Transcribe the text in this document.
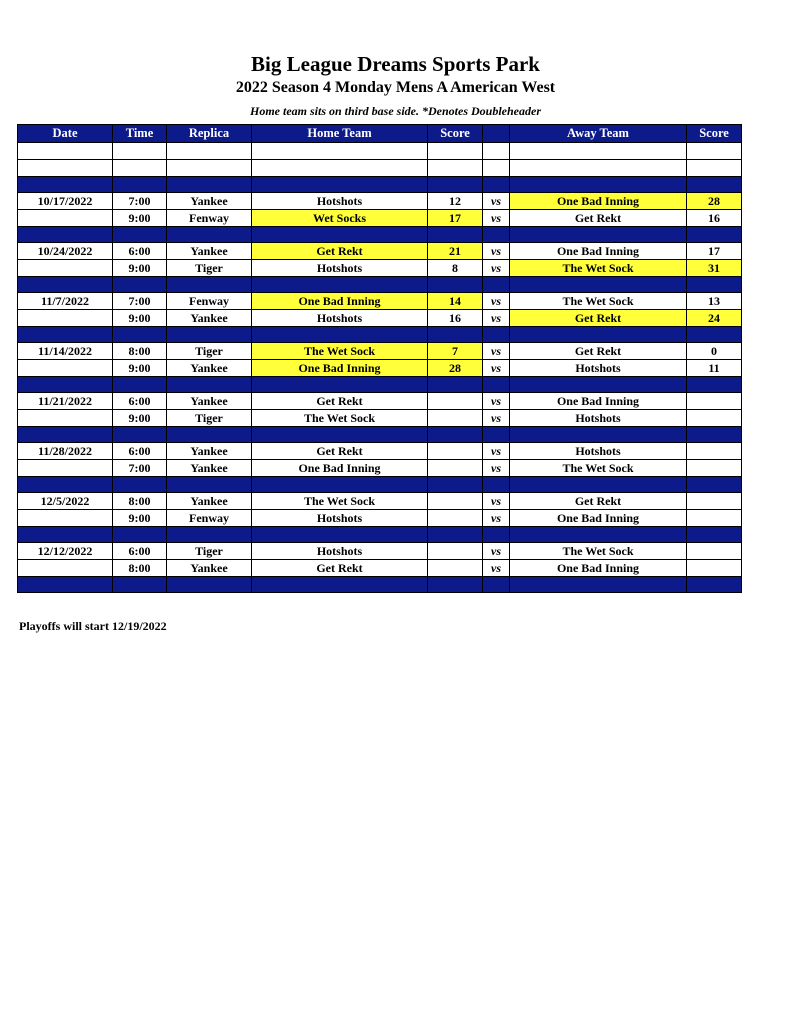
Big League Dreams Sports Park
2022 Season 4 Monday Mens A American West
Home team sits on third base side. *Denotes Doubleheader
Date	Time	Replica	Home Team	Score		Away Team	Score

10/17/2022	7:00	Yankee	Hotshots	12	vs	One Bad Inning	28
	9:00	Fenway	Wet Socks	17	vs	Get Rekt	16

10/24/2022	6:00	Yankee	Get Rekt	21	vs	One Bad Inning	17
	9:00	Tiger	Hotshots	8	vs	The Wet Sock	31

11/7/2022	7:00	Fenway	One Bad Inning	14	vs	The Wet Sock	13
	9:00	Yankee	Hotshots	16	vs	Get Rekt	24

11/14/2022	8:00	Tiger	The Wet Sock	7	vs	Get Rekt	0
	9:00	Yankee	One Bad Inning	28	vs	Hotshots	11

11/21/2022	6:00	Yankee	Get Rekt		vs	One Bad Inning	
	9:00	Tiger	The Wet Sock		vs	Hotshots	

11/28/2022	6:00	Yankee	Get Rekt		vs	Hotshots	
	7:00	Yankee	One Bad Inning		vs	The Wet Sock	

12/5/2022	8:00	Yankee	The Wet Sock		vs	Get Rekt	
	9:00	Fenway	Hotshots		vs	One Bad Inning	

12/12/2022	6:00	Tiger	Hotshots		vs	The Wet Sock	
	8:00	Yankee	Get Rekt		vs	One Bad Inning	

Playoffs will start 12/19/2022
